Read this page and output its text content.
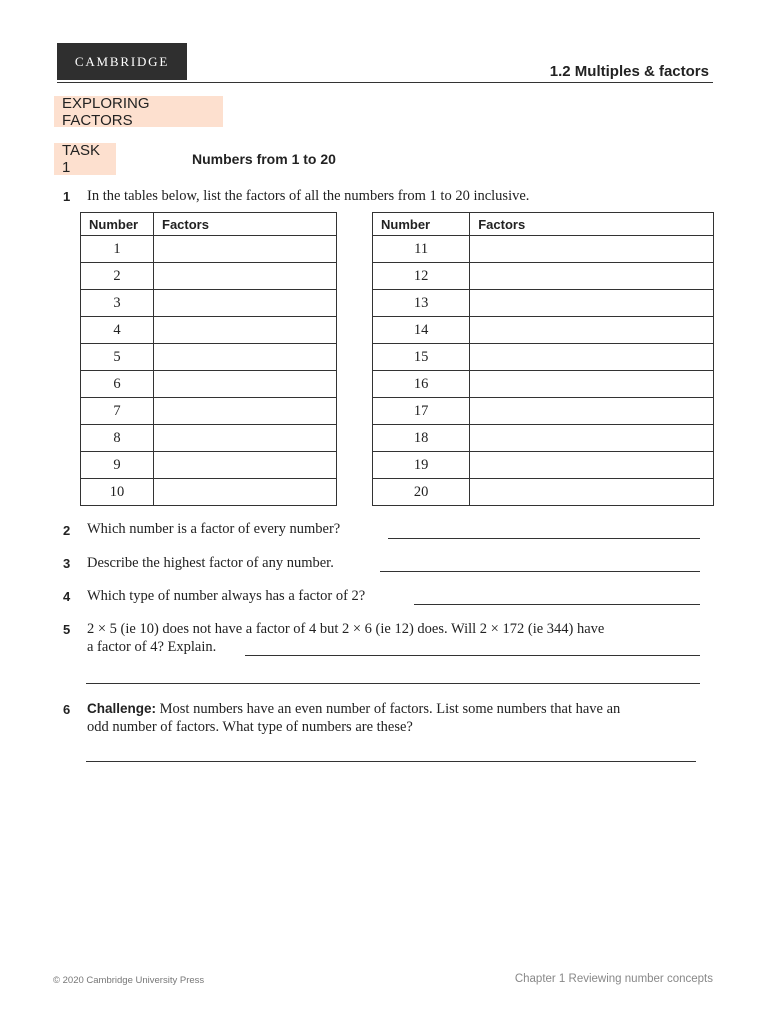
CAMBRIDGE
1.2 Multiples & factors
EXPLORING FACTORS
TASK 1	Numbers from 1 to 20
1 In the tables below, list the factors of all the numbers from 1 to 20 inclusive.
Number	Factors
1	
2	
3	
4	
5	
6	
7	
8	
9	
10	
Number	Factors
11	
12	
13	
14	
15	
16	
17	
18	
19	
20	
2 Which number is a factor of every number?
3 Describe the highest factor of any number.
4 Which type of number always has a factor of 2?
5 2 × 5 (ie 10) does not have a factor of 4 but 2 × 6 (ie 12) does. Will 2 × 172 (ie 344) have
a factor of 4? Explain.
6 Challenge: Most numbers have an even number of factors. List some numbers that have an
odd number of factors. What type of numbers are these?
© 2020 Cambridge University Press	Chapter 1 Reviewing number concepts
